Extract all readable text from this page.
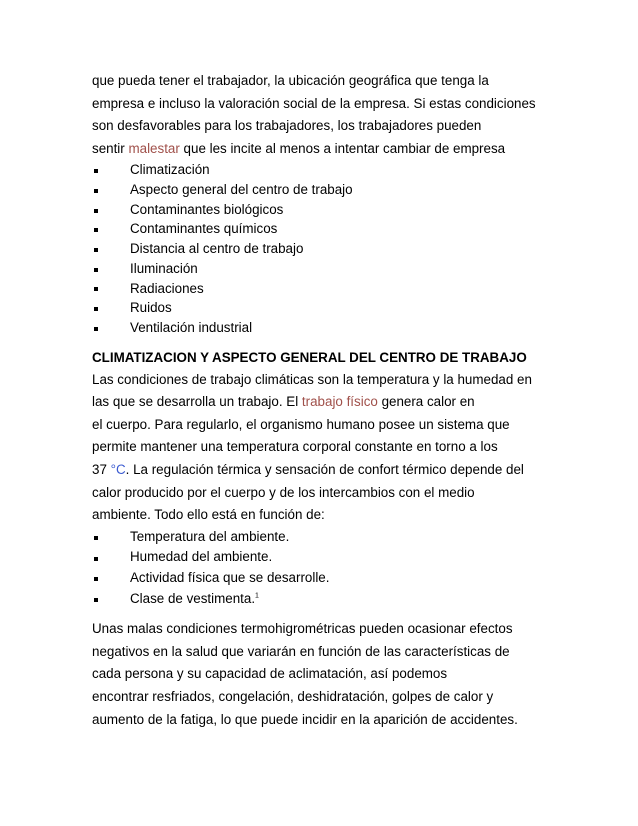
que pueda tener el trabajador, la ubicación geográfica que tenga la
empresa e incluso la valoración social de la empresa. Si estas condiciones
son desfavorables para los trabajadores, los trabajadores pueden
sentir malestar que les incite al menos a intentar cambiar de empresa

Climatización
Aspecto general del centro de trabajo
Contaminantes biológicos
Contaminantes químicos
Distancia al centro de trabajo
Iluminación
Radiaciones
Ruidos
Ventilación industrial
CLIMATIZACION Y ASPECTO GENERAL DEL CENTRO DE TRABAJO

Las condiciones de trabajo climáticas son la temperatura y la humedad en
las que se desarrolla un trabajo. El trabajo físico genera calor en
el cuerpo. Para regularlo, el organismo humano posee un sistema que
permite mantener una temperatura corporal constante en torno a los
37 °C. La regulación térmica y sensación de confort térmico depende del
calor producido por el cuerpo y de los intercambios con el medio
ambiente. Todo ello está en función de:

Temperatura del ambiente.
Humedad del ambiente.
Actividad física que se desarrolle.
Clase de vestimenta.$^1$

Unas malas condiciones termohigrométricas pueden ocasionar efectos
negativos en la salud que variarán en función de las características de
cada persona y su capacidad de aclimatación, así podemos
encontrar resfriados, congelación, deshidratación, golpes de calor y
aumento de la fatiga, lo que puede incidir en la aparición de accidentes.
